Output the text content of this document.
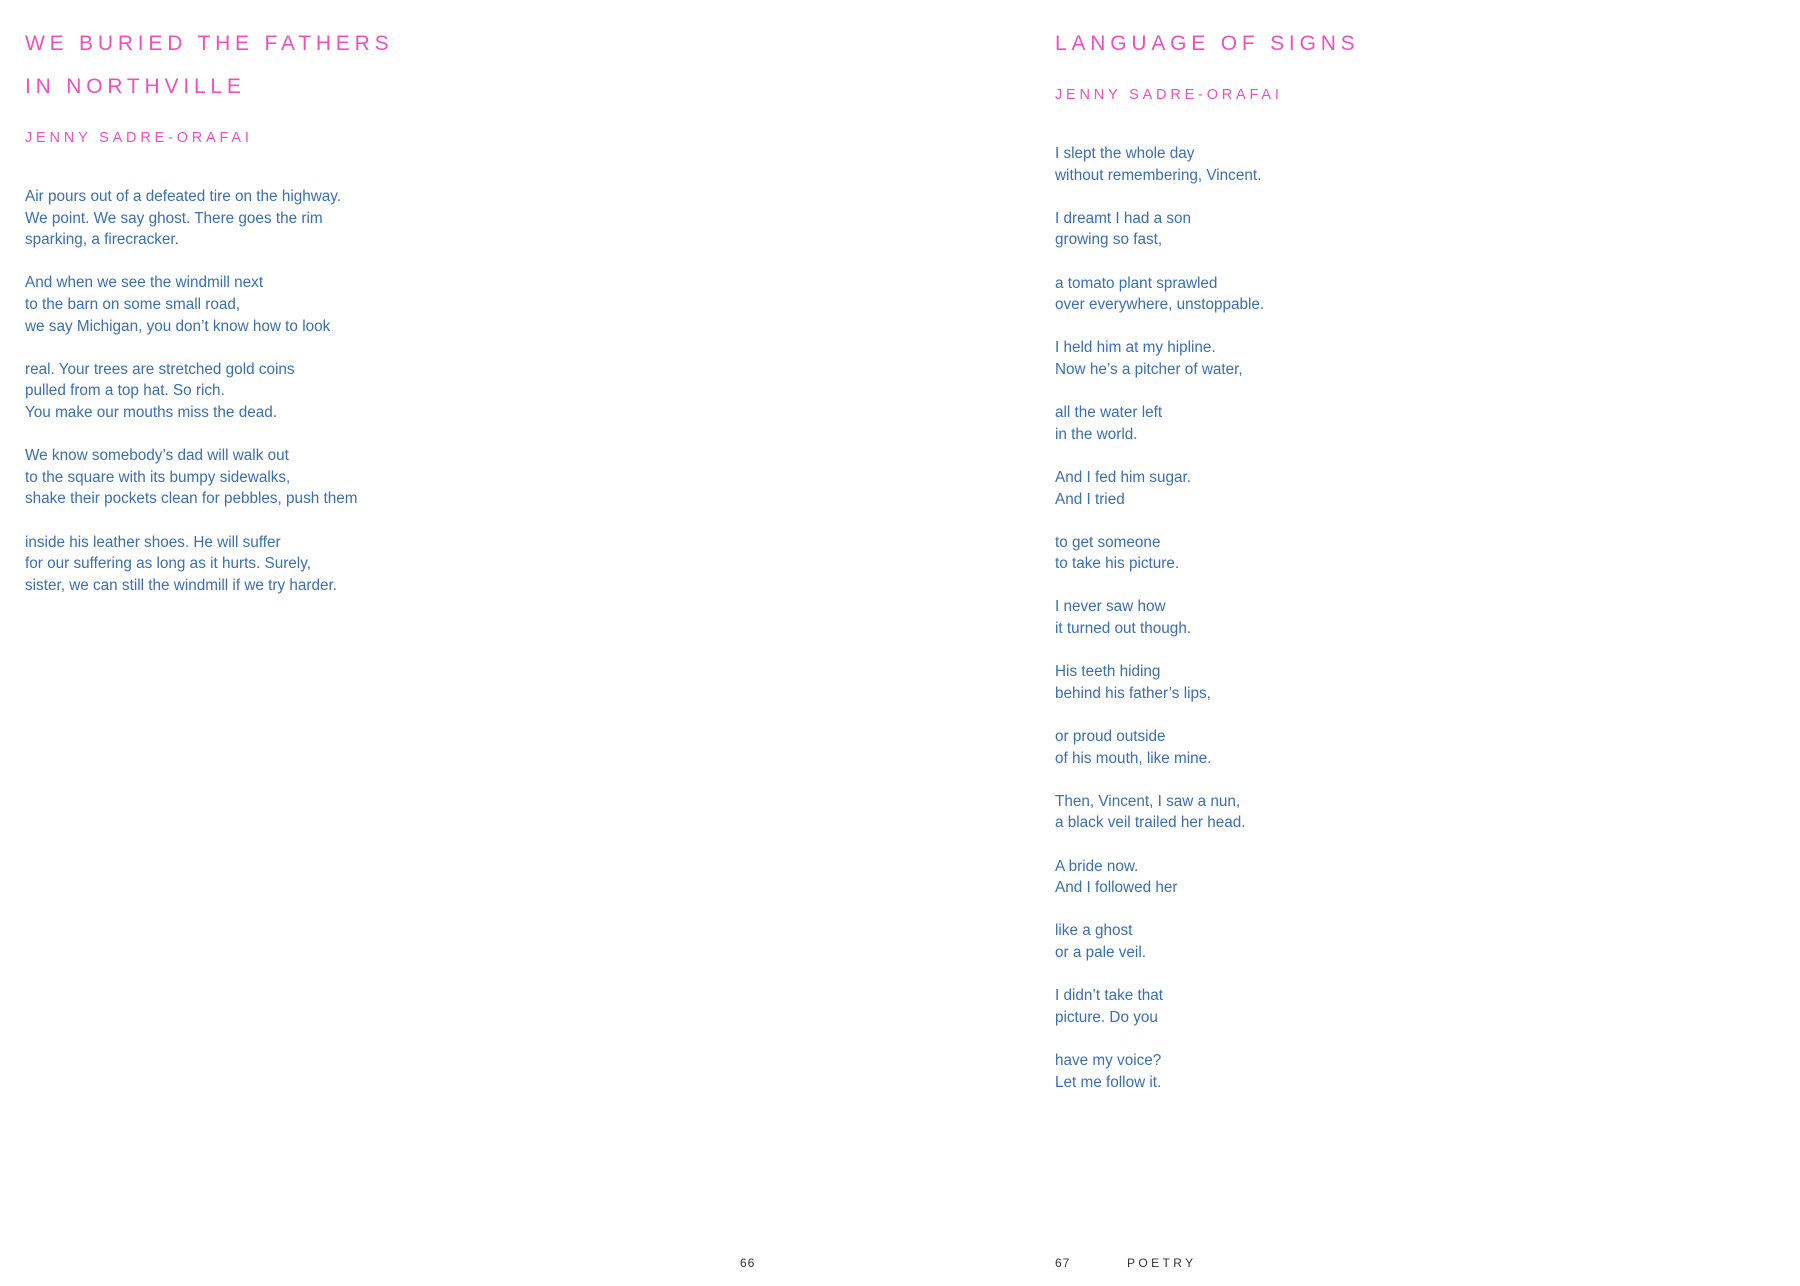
WE BURIED THE FATHERS
IN NORTHVILLE

JENNY SADRE-ORAFAI

Air pours out of a defeated tire on the highway.
We point. We say ghost. There goes the rim
sparking, a firecracker.

And when we see the windmill next
to the barn on some small road,
we say Michigan, you don’t know how to look

real. Your trees are stretched gold coins
pulled from a top hat. So rich.
You make our mouths miss the dead.

We know somebody’s dad will walk out
to the square with its bumpy sidewalks,
shake their pockets clean for pebbles, push them

inside his leather shoes. He will suffer
for our suffering as long as it hurts. Surely,
sister, we can still the windmill if we try harder.

66
LANGUAGE OF SIGNS

JENNY SADRE-ORAFAI

I slept the whole day
without remembering, Vincent.

I dreamt I had a son
growing so fast,

a tomato plant sprawled
over everywhere, unstoppable.

I held him at my hipline.
Now he’s a pitcher of water,

all the water left
in the world.

And I fed him sugar.
And I tried

to get someone
to take his picture.

I never saw how
it turned out though.

His teeth hiding
behind his father’s lips,

or proud outside
of his mouth, like mine.

Then, Vincent, I saw a nun,
a black veil trailed her head.

A bride now.
And I followed her

like a ghost
or a pale veil.

I didn’t take that
picture. Do you

have my voice?
Let me follow it.

67	POETRY
